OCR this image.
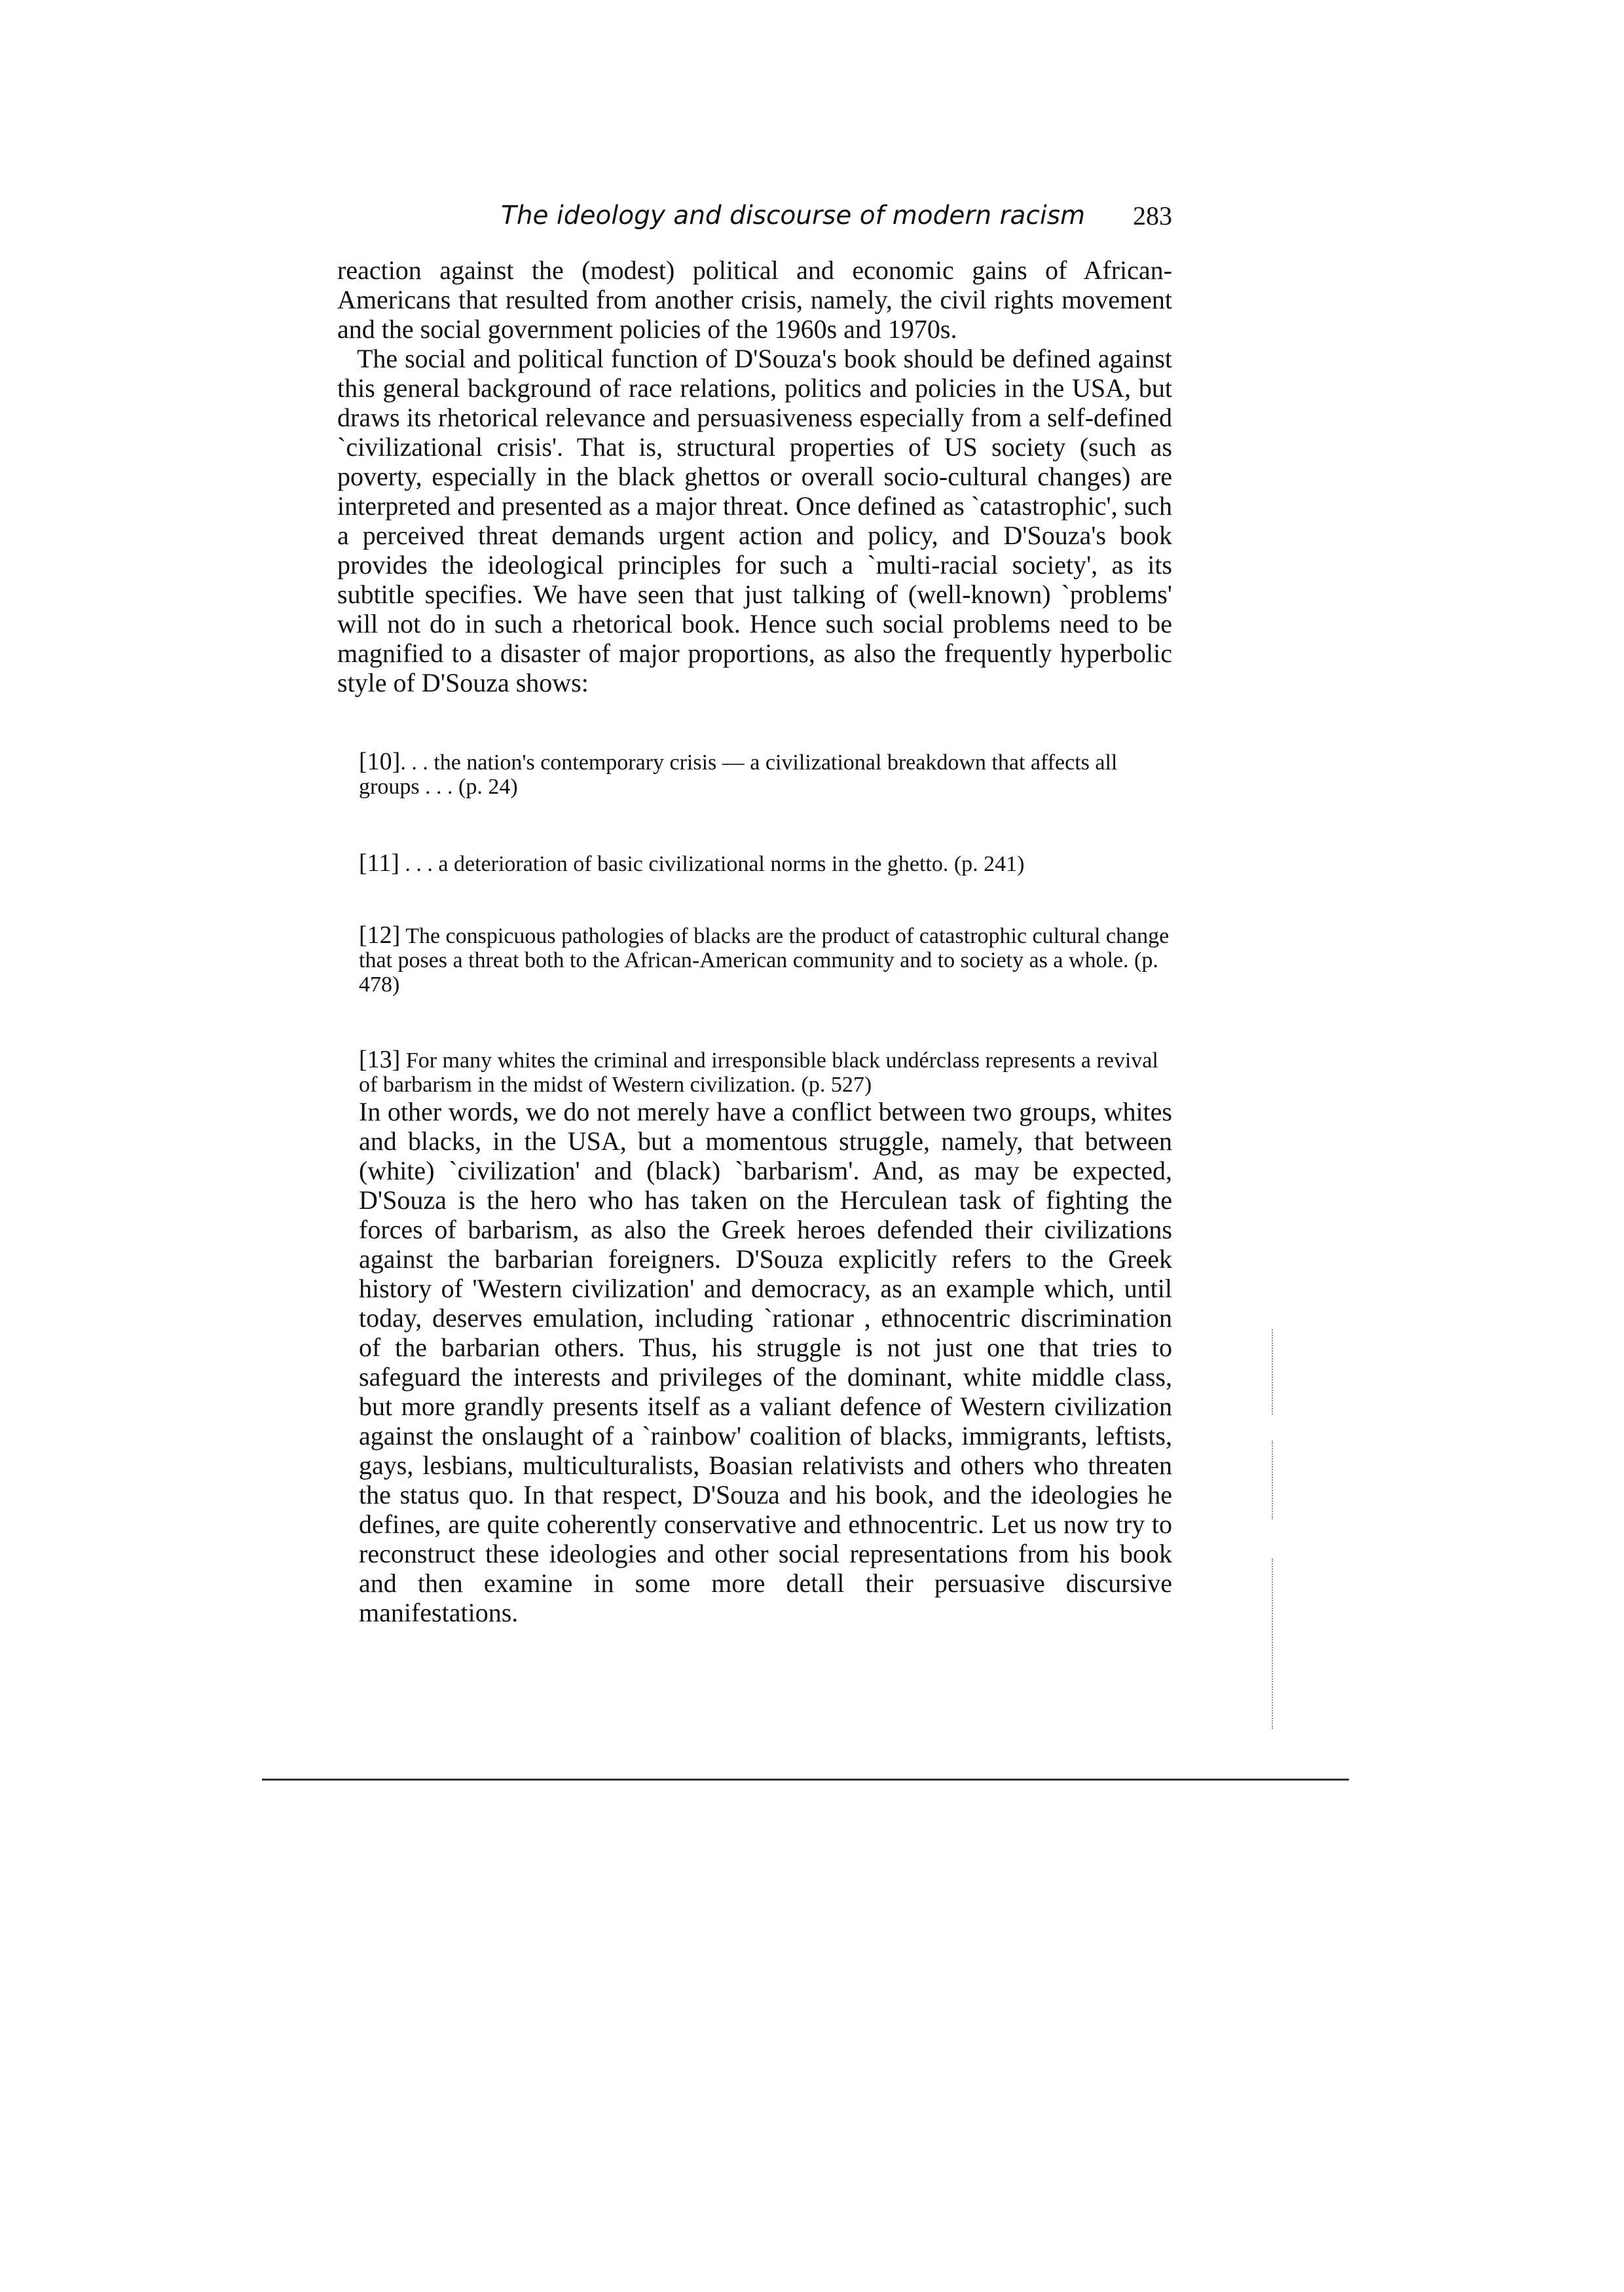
The ideology and discourse of modern racism 283

reaction against the (modest) political and economic gains of African-Americans that resulted from another crisis, namely, the civil rights movement and the social government policies of the 1960s and 1970s.

The social and political function of D'Souza's book should be defined against this general background of race relations, politics and policies in the USA, but draws its rhetorical relevance and persuasiveness especially from a self-defined `civilizational crisis'. That is, structural properties of US society (such as poverty, especially in the black ghettos or overall socio-cultural changes) are interpreted and presented as a major threat. Once defined as `catastrophic', such a perceived threat demands urgent action and policy, and D'Souza's book provides the ideological principles for such a `multi-racial society', as its subtitle specifies. We have seen that just talking of (well-known) `problems' will not do in such a rhetorical book. Hence such social problems need to be magnified to a disaster of major proportions, as also the frequently hyperbolic style of D'Souza shows:

[10]. . . the nation's contemporary crisis — a civilizational breakdown that affects all groups . . . (p. 24)

[11] . . . a deterioration of basic civilizational norms in the ghetto. (p. 241)

[12] The conspicuous pathologies of blacks are the product of catastrophic cultural change that poses a threat both to the African-American community and to society as a whole. (p. 478)

[13] For many whites the criminal and irresponsible black undérclass represents a revival of barbarism in the midst of Western civilization. (p. 527)

In other words, we do not merely have a conflict between two groups, whites and blacks, in the USA, but a momentous struggle, namely, that between (white) `civilization' and (black) `barbarism'. And, as may be expected, D'Souza is the hero who has taken on the Herculean task of fighting the forces of barbarism, as also the Greek heroes defended their civilizations against the barbarian foreigners. D'Souza explicitly refers to the Greek history of 'Western civilization' and democracy, as an example which, until today, deserves emulation, including `rationar , ethnocentric discrimination of the barbarian others. Thus, his struggle is not just one that tries to safeguard the interests and privileges of the dominant, white middle class, but more grandly presents itself as a valiant defence of Western civilization against the onslaught of a `rainbow' coalition of blacks, immigrants, leftists, gays, lesbians, multiculturalists, Boasian relativists and others who threaten the status quo. In that respect, D'Souza and his book, and the ideologies he defines, are quite coherently conservative and ethnocentric. Let us now try to reconstruct these ideologies and other social representations from his book and then examine in some more detall their persuasive discursive manifestations.
